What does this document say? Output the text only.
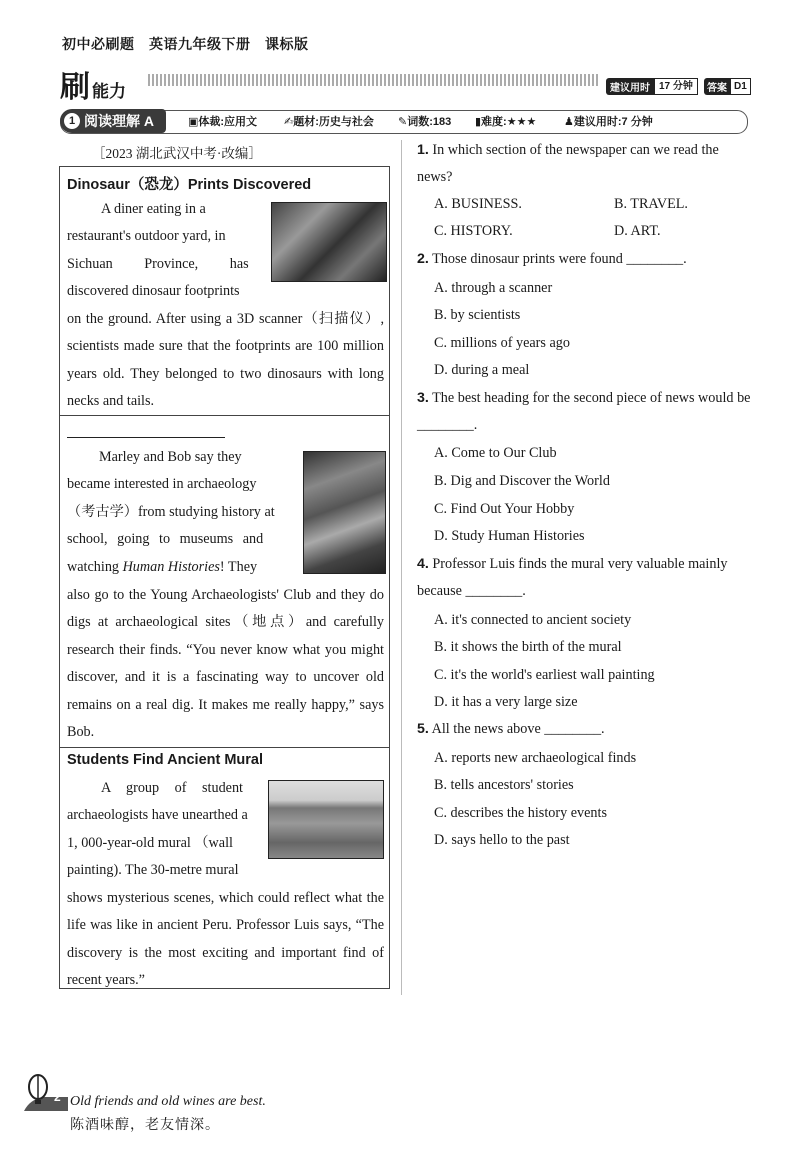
初中必刷题　英语九年级下册　课标版
刷能力	建议用时 17 分钟	答案 D1
1 阅读理解 A	▣体裁:应用文 ✍题材:历史与社会 ✎词数:183 ▮难度:★★★	♟建议用时:7 分钟
［2023 湖北武汉中考·改编］
Dinosaur（恐龙）Prints Discovered
A diner eating in a
restaurant's outdoor yard, in
Sichuan Province, has
discovered dinosaur footprints
on the ground. After using a 3D scanner（扫描仪）, scientists made sure that the footprints are 100 million years old. They belonged to two dinosaurs with long necks and tails.
Marley and Bob say they
became interested in archaeology
（考古学）from studying history at
school, going to museums and
watching Human Histories! They
also go to the Young Archaeologists' Club and they do digs at archaeological sites（地点）and carefully research their finds. “You never know what you might discover, and it is a fascinating way to uncover old remains on a real dig. It makes me really happy,” says Bob.
Students Find Ancient Mural
A group of student
archaeologists have unearthed a
1, 000-year-old mural （wall
painting). The 30-metre mural
shows mysterious scenes, which could reflect what the life was like in ancient Peru. Professor Luis says, “The discovery is the most exciting and important find of recent years.”
1. In which section of the newspaper can we read the news?
A. BUSINESS.	B. TRAVEL.
C. HISTORY.	D. ART.
2. Those dinosaur prints were found ________.
A. through a scanner
B. by scientists
C. millions of years ago
D. during a meal
3. The best heading for the second piece of news would be ________.
A. Come to Our Club
B. Dig and Discover the World
C. Find Out Your Hobby
D. Study Human Histories
4. Professor Luis finds the mural very valuable mainly because ________.
A. it's connected to ancient society
B. it shows the birth of the mural
C. it's the world's earliest wall painting
D. it has a very large size
5. All the news above ________.
A. reports new archaeological finds
B. tells ancestors' stories
C. describes the history events
D. says hello to the past
2 Old friends and old wines are best.
陈酒味醇，老友情深。
